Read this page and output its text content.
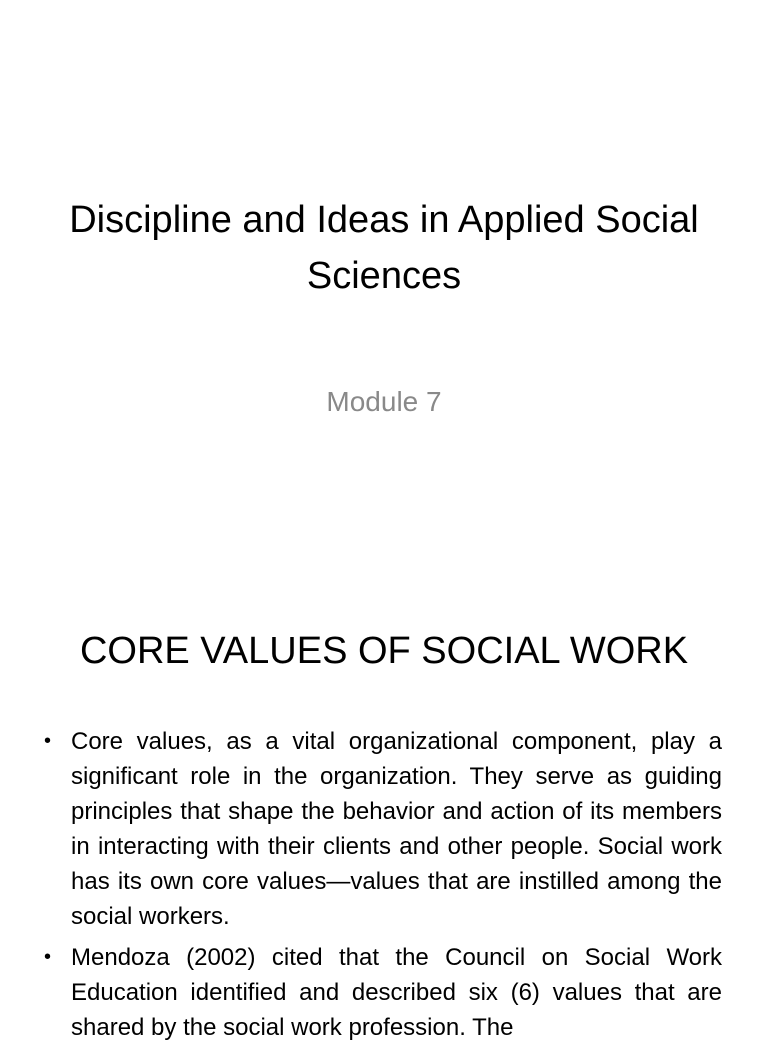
Discipline and Ideas in Applied Social Sciences

Module 7

CORE VALUES OF SOCIAL WORK
• Core values, as a vital organizational component, play a significant role in the organization. They serve as guiding principles that shape the behavior and action of its members in interacting with their clients and other people. Social work has its own core values—values that are instilled among the social workers.
• Mendoza (2002) cited that the Council on Social Work Education identified and described six (6) values that are shared by the social work profession. The
